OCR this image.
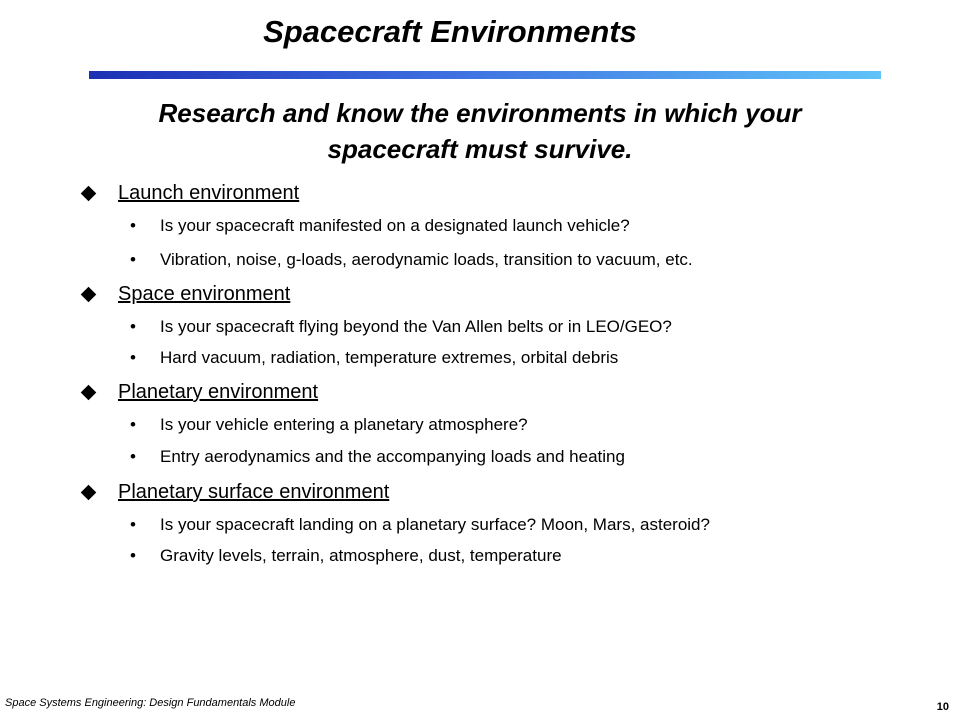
Spacecraft Environments

Research and know the environments in which your
spacecraft must survive.

Launch environment
• Is your spacecraft manifested on a designated launch vehicle?
• Vibration, noise, g-loads, aerodynamic loads, transition to vacuum, etc.
Space environment
• Is your spacecraft flying beyond the Van Allen belts or in LEO/GEO?
• Hard vacuum, radiation, temperature extremes, orbital debris
Planetary environment
• Is your vehicle entering a planetary atmosphere?
• Entry aerodynamics and the accompanying loads and heating
Planetary surface environment
• Is your spacecraft landing on a planetary surface? Moon, Mars, asteroid?
• Gravity levels, terrain, atmosphere, dust, temperature
Space Systems Engineering: Design Fundamentals Module	10
